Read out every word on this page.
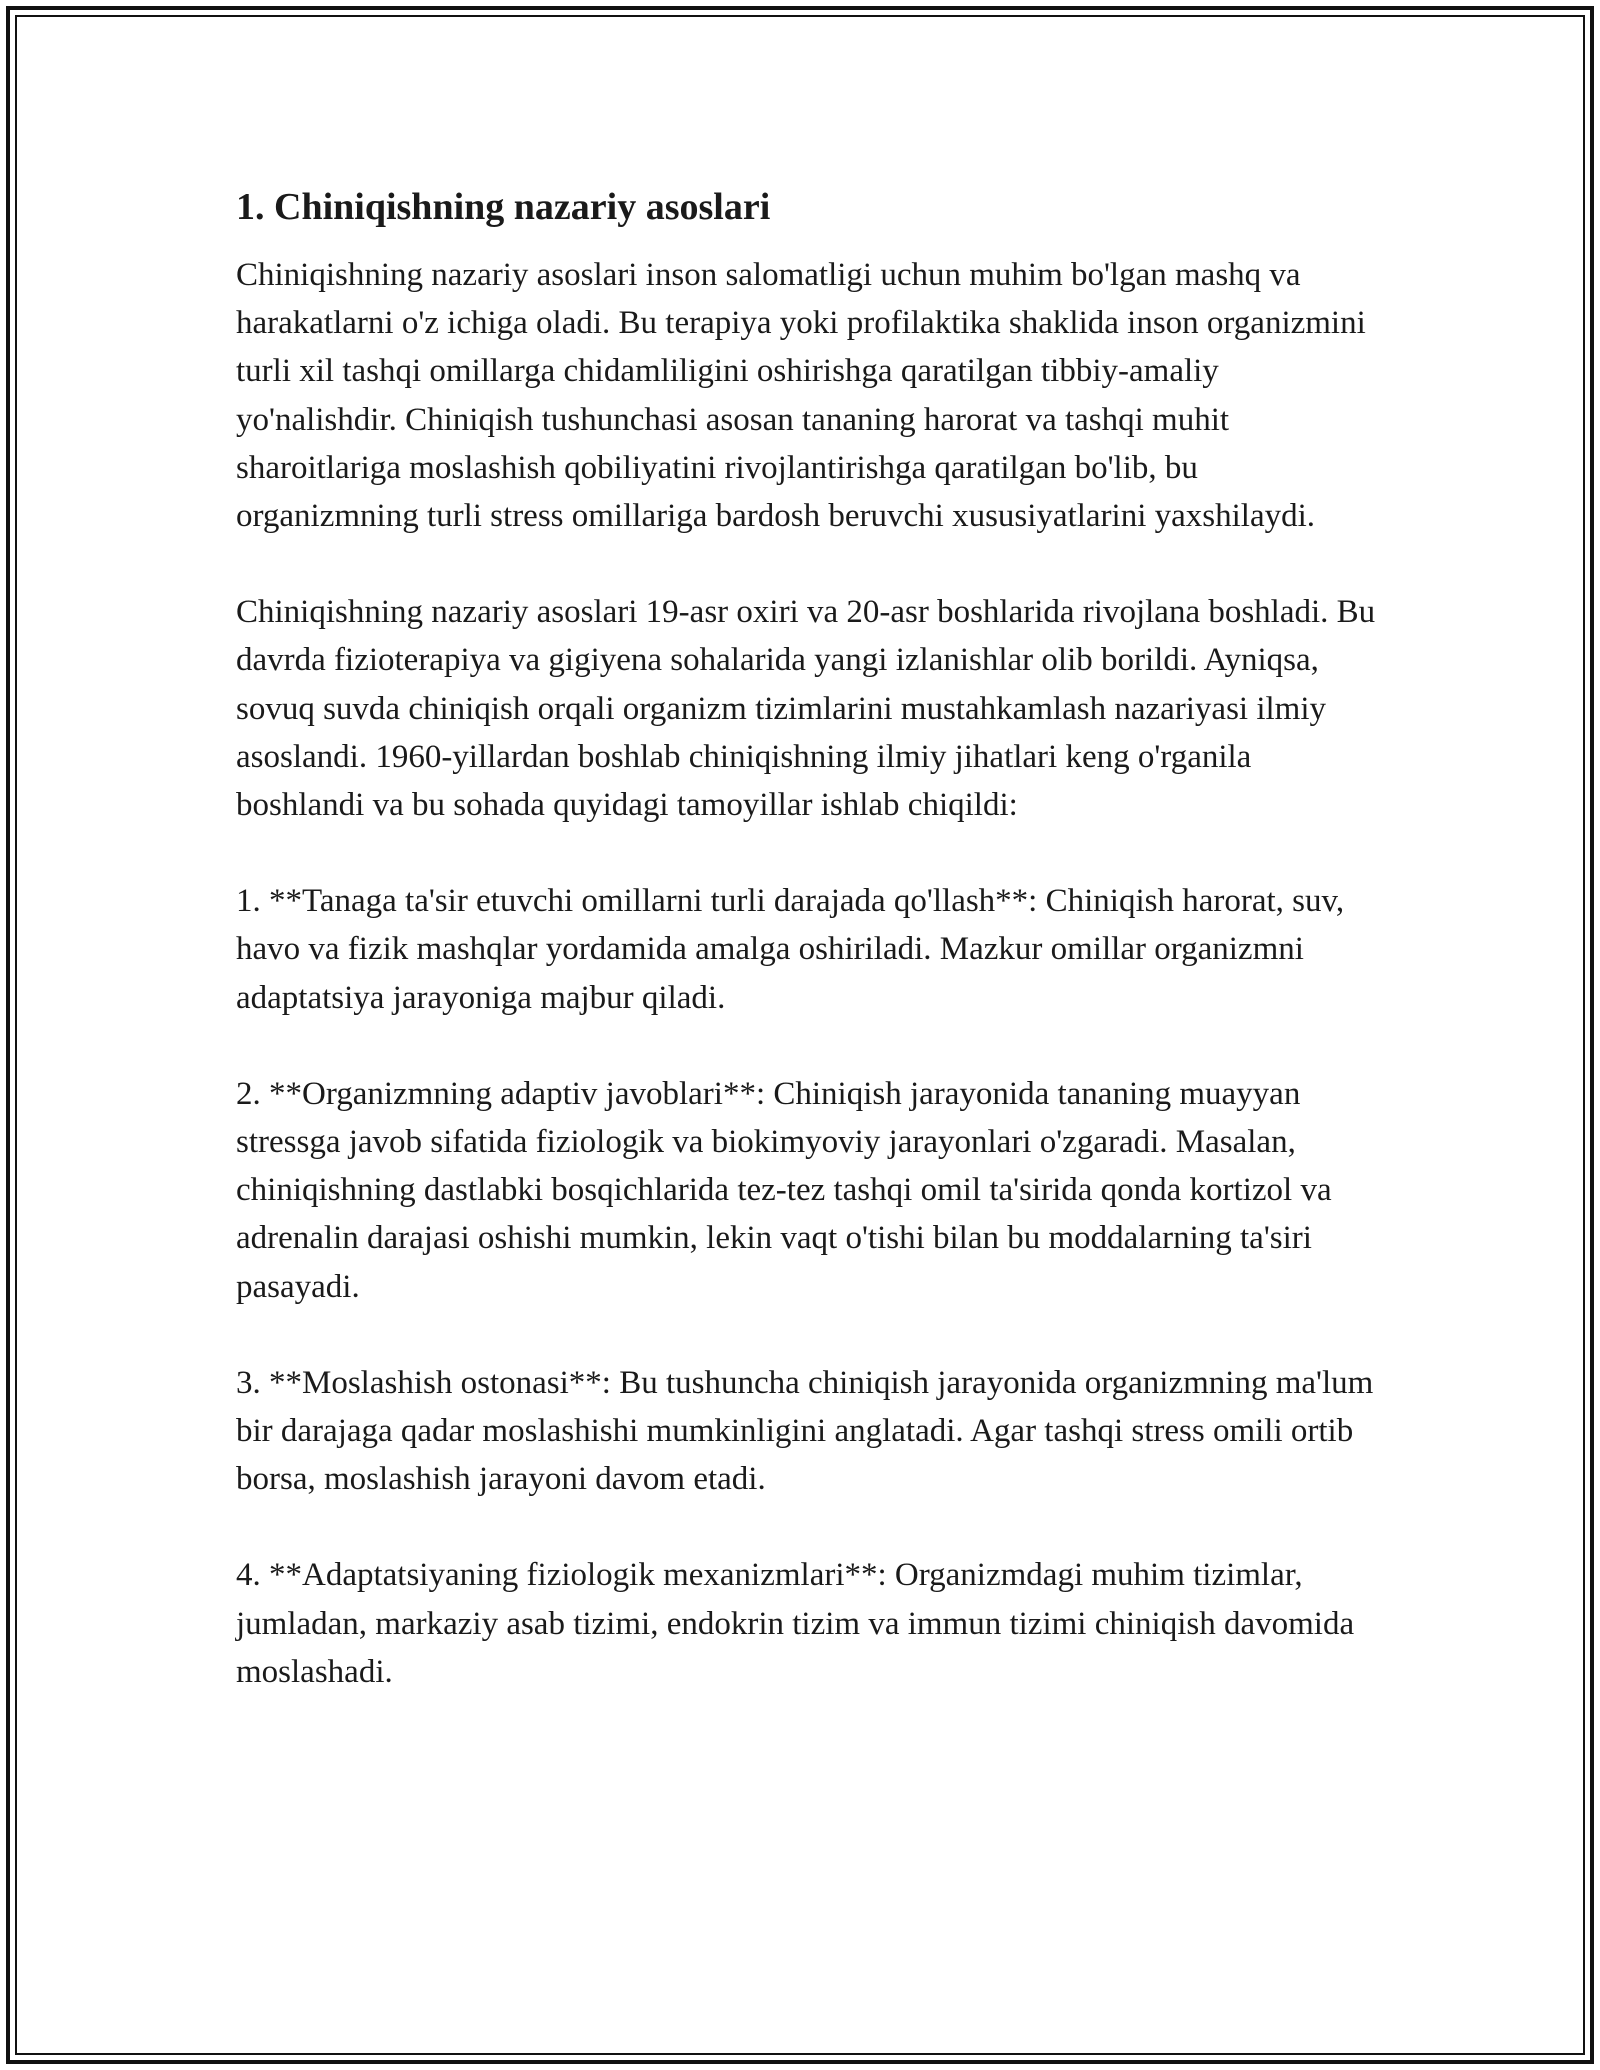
1. Chiniqishning nazariy asoslari

Chiniqishning nazariy asoslari inson salomatligi uchun muhim bo'lgan mashq va harakatlarni o'z ichiga oladi. Bu terapiya yoki profilaktika shaklida inson organizmini turli xil tashqi omillarga chidamliligini oshirishga qaratilgan tibbiy-amaliy yo'nalishdir. Chiniqish tushunchasi asosan tananing harorat va tashqi muhit sharoitlariga moslashish qobiliyatini rivojlantirishga qaratilgan bo'lib, bu organizmning turli stress omillariga bardosh beruvchi xususiyatlarini yaxshilaydi.

Chiniqishning nazariy asoslari 19-asr oxiri va 20-asr boshlarida rivojlana boshladi. Bu davrda fizioterapiya va gigiyena sohalarida yangi izlanishlar olib borildi. Ayniqsa, sovuq suvda chiniqish orqali organizm tizimlarini mustahkamlash nazariyasi ilmiy asoslandi. 1960-yillardan boshlab chiniqishning ilmiy jihatlari keng o'rganila boshlandi va bu sohada quyidagi tamoyillar ishlab chiqildi:

1. **Tanaga ta'sir etuvchi omillarni turli darajada qo'llash**: Chiniqish harorat, suv, havo va fizik mashqlar yordamida amalga oshiriladi. Mazkur omillar organizmni adaptatsiya jarayoniga majbur qiladi.

2. **Organizmning adaptiv javoblari**: Chiniqish jarayonida tananing muayyan stressga javob sifatida fiziologik va biokimyoviy jarayonlari o'zgaradi. Masalan, chiniqishning dastlabki bosqichlarida tez-tez tashqi omil ta'sirida qonda kortizol va adrenalin darajasi oshishi mumkin, lekin vaqt o'tishi bilan bu moddalarning ta'siri pasayadi.

3. **Moslashish ostonasi**: Bu tushuncha chiniqish jarayonida organizmning ma'lum bir darajaga qadar moslashishi mumkinligini anglatadi. Agar tashqi stress omili ortib borsa, moslashish jarayoni davom etadi.

4. **Adaptatsiyaning fiziologik mexanizmlari**: Organizmdagi muhim tizimlar, jumladan, markaziy asab tizimi, endokrin tizim va immun tizimi chiniqish davomida moslashadi.
